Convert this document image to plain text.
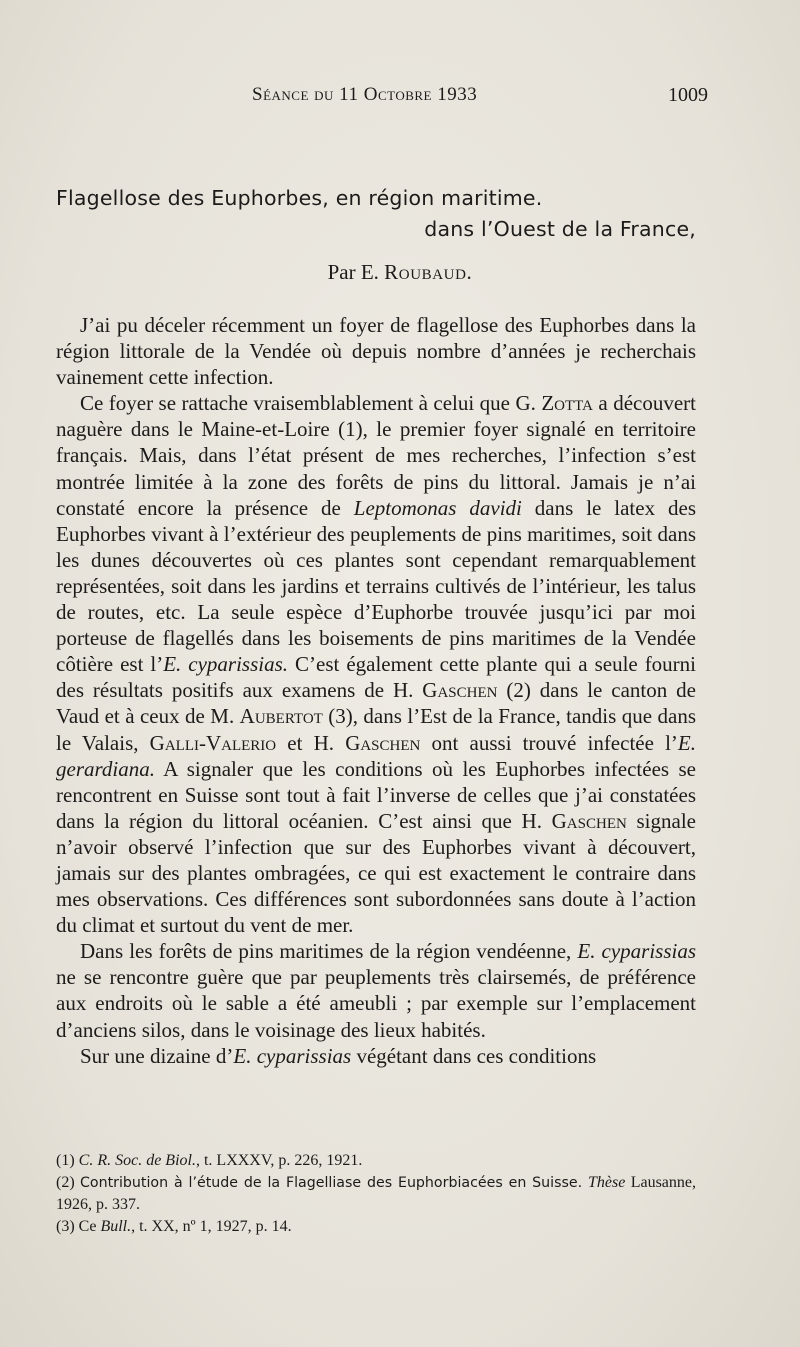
Séance du 11 Octobre 1933	1009
Flagellose des Euphorbes, en région maritime.
dans l’Ouest de la France,
Par E. Roubaud.

J’ai pu déceler récemment un foyer de flagellose des Euphorbes dans la région littorale de la Vendée où depuis nombre d’années je recherchais vainement cette infection.

Ce foyer se rattache vraisemblablement à celui que G. Zotta a découvert naguère dans le Maine-et-Loire (1), le premier foyer signalé en territoire français. Mais, dans l’état présent de mes recherches, l’infection s’est montrée limitée à la zone des forêts de pins du littoral. Jamais je n’ai constaté encore la présence de Leptomonas davidi dans le latex des Euphorbes vivant à l’extérieur des peuplements de pins maritimes, soit dans les dunes découvertes où ces plantes sont cependant remarquablement représentées, soit dans les jardins et terrains cultivés de l’intérieur, les talus de routes, etc. La seule espèce d’Euphorbe trouvée jusqu’ici par moi porteuse de flagellés dans les boisements de pins maritimes de la Vendée côtière est l’E. cyparissias. C’est également cette plante qui a seule fourni des résultats positifs aux examens de H. Gaschen (2) dans le canton de Vaud et à ceux de M. Aubertot (3), dans l’Est de la France, tandis que dans le Valais, Galli-Valerio et H. Gaschen ont aussi trouvé infectée l’E. gerardiana. A signaler que les conditions où les Euphorbes infectées se rencontrent en Suisse sont tout à fait l’inverse de celles que j’ai constatées dans la région du littoral océanien. C’est ainsi que H. Gaschen signale n’avoir observé l’infection que sur des Euphorbes vivant à découvert, jamais sur des plantes ombragées, ce qui est exactement le contraire dans mes observations. Ces différences sont subordonnées sans doute à l’action du climat et surtout du vent de mer.

Dans les forêts de pins maritimes de la région vendéenne, E. cyparissias ne se rencontre guère que par peuplements très clairsemés, de préférence aux endroits où le sable a été ameubli ; par exemple sur l’emplacement d’anciens silos, dans le voisinage des lieux habités.

Sur une dizaine d’E. cyparissias végétant dans ces conditions

(1) C. R. Soc. de Biol., t. LXXXV, p. 226, 1921.

(2) Contribution à l’étude de la Flagelliase des Euphorbiacées en Suisse. Thèse Lausanne, 1926, p. 337.

(3) Ce Bull., t. XX, nº 1, 1927, p. 14.
